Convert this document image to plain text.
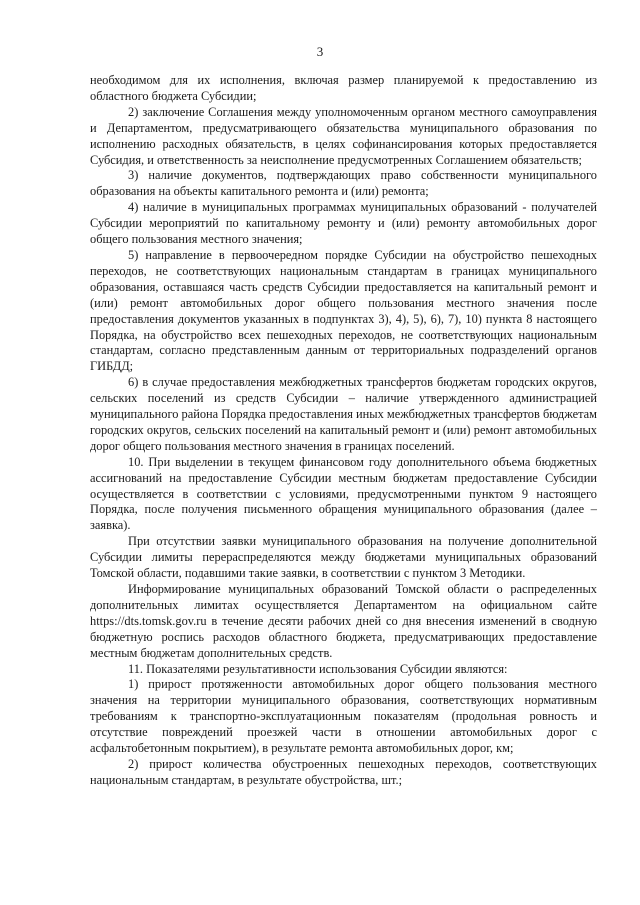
3

необходимом для их исполнения, включая размер планируемой к предоставлению из областного бюджета Субсидии;

2) заключение Соглашения между уполномоченным органом местного самоуправления и Департаментом, предусматривающего обязательства муниципального образования по исполнению расходных обязательств, в целях софинансирования которых предоставляется Субсидия, и ответственность за неисполнение предусмотренных Соглашением обязательств;

3) наличие документов, подтверждающих право собственности муниципального образования на объекты капитального ремонта и (или) ремонта;

4) наличие в муниципальных программах муниципальных образований - получателей Субсидии мероприятий по капитальному ремонту и (или) ремонту автомобильных дорог общего пользования местного значения;

5) направление в первоочередном порядке Субсидии на обустройство пешеходных переходов, не соответствующих национальным стандартам в границах муниципального образования, оставшаяся часть средств Субсидии предоставляется на капитальный ремонт и (или) ремонт автомобильных дорог общего пользования местного значения после предоставления документов указанных в подпунктах 3), 4), 5), 6), 7), 10) пункта 8 настоящего Порядка, на обустройство всех пешеходных переходов, не соответствующих национальным стандартам, согласно представленным данным от территориальных подразделений органов ГИБДД;

6) в случае предоставления межбюджетных трансфертов бюджетам городских округов, сельских поселений из средств Субсидии – наличие утвержденного администрацией муниципального района Порядка предоставления иных межбюджетных трансфертов бюджетам городских округов, сельских поселений на капитальный ремонт и (или) ремонт автомобильных дорог общего пользования местного значения в границах поселений.

10. При выделении в текущем финансовом году дополнительного объема бюджетных ассигнований на предоставление Субсидии местным бюджетам предоставление Субсидии осуществляется в соответствии с условиями, предусмотренными пунктом 9 настоящего Порядка, после получения письменного обращения муниципального образования (далее – заявка).

При отсутствии заявки муниципального образования на получение дополнительной Субсидии лимиты перераспределяются между бюджетами муниципальных образований Томской области, подавшими такие заявки, в соответствии с пунктом 3 Методики.

Информирование муниципальных образований Томской области о распределенных дополнительных лимитах осуществляется Департаментом на официальном сайте https://dts.tomsk.gov.ru в течение десяти рабочих дней со дня внесения изменений в сводную бюджетную роспись расходов областного бюджета, предусматривающих предоставление местным бюджетам дополнительных средств.

11. Показателями результативности использования Субсидии являются:

1) прирост протяженности автомобильных дорог общего пользования местного значения на территории муниципального образования, соответствующих нормативным требованиям к транспортно-эксплуатационным показателям (продольная ровность и отсутствие повреждений проезжей части в отношении автомобильных дорог с асфальтобетонным покрытием), в результате ремонта автомобильных дорог, км;

2) прирост количества обустроенных пешеходных переходов, соответствующих национальным стандартам, в результате обустройства, шт.;
